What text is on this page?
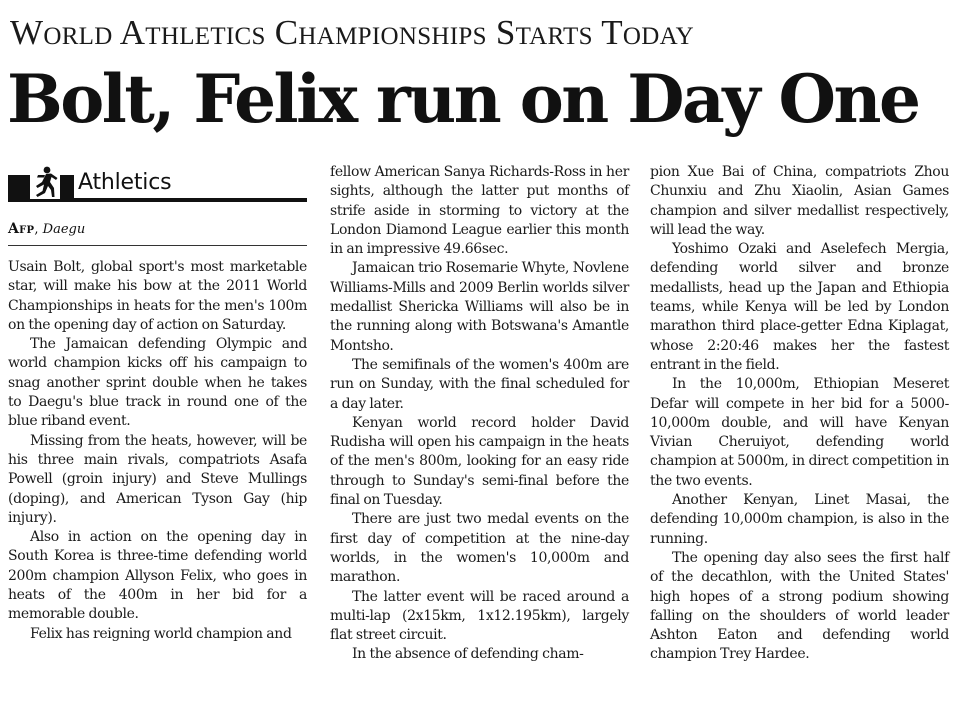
World Athletics Championships Starts Today
Bolt, Felix run on Day One
Athletics
Afp, Daegu

Usain Bolt, global sport's most marketable star, will make his bow at the 2011 World Championships in heats for the men's 100m on the opening day of action on Saturday.

The Jamaican defending Olympic and world champion kicks off his campaign to snag another sprint double when he takes to Daegu's blue track in round one of the blue riband event.

Missing from the heats, however, will be his three main rivals, compatriots Asafa Powell (groin injury) and Steve Mullings (doping), and American Tyson Gay (hip injury).

Also in action on the opening day in South Korea is three-time defending world 200m champion Allyson Felix, who goes in heats of the 400m in her bid for a memorable double.

Felix has reigning world champion and

fellow American Sanya Richards-Ross in her sights, although the latter put months of strife aside in storming to victory at the London Diamond League earlier this month in an impressive 49.66sec.

Jamaican trio Rosemarie Whyte, Novlene Williams-Mills and 2009 Berlin worlds silver medallist Shericka Williams will also be in the running along with Botswana's Amantle Montsho.

The semifinals of the women's 400m are run on Sunday, with the final scheduled for a day later.

Kenyan world record holder David Rudisha will open his campaign in the heats of the men's 800m, looking for an easy ride through to Sunday's semi-final before the final on Tuesday.

There are just two medal events on the first day of competition at the nine-day worlds, in the women's 10,000m and marathon.

The latter event will be raced around a multi-lap (2x15km, 1x12.195km), largely flat street circuit.

In the absence of defending cham-

pion Xue Bai of China, compatriots Zhou Chunxiu and Zhu Xiaolin, Asian Games champion and silver medallist respectively, will lead the way.

Yoshimo Ozaki and Aselefech Mergia, defending world silver and bronze medallists, head up the Japan and Ethiopia teams, while Kenya will be led by London marathon third place-getter Edna Kiplagat, whose 2:20:46 makes her the fastest entrant in the field.

In the 10,000m, Ethiopian Meseret Defar will compete in her bid for a 5000-10,000m double, and will have Kenyan Vivian Cheruiyot, defending world champion at 5000m, in direct competition in the two events.

Another Kenyan, Linet Masai, the defending 10,000m champion, is also in the running.

The opening day also sees the first half of the decathlon, with the United States' high hopes of a strong podium showing falling on the shoulders of world leader Ashton Eaton and defending world champion Trey Hardee.
